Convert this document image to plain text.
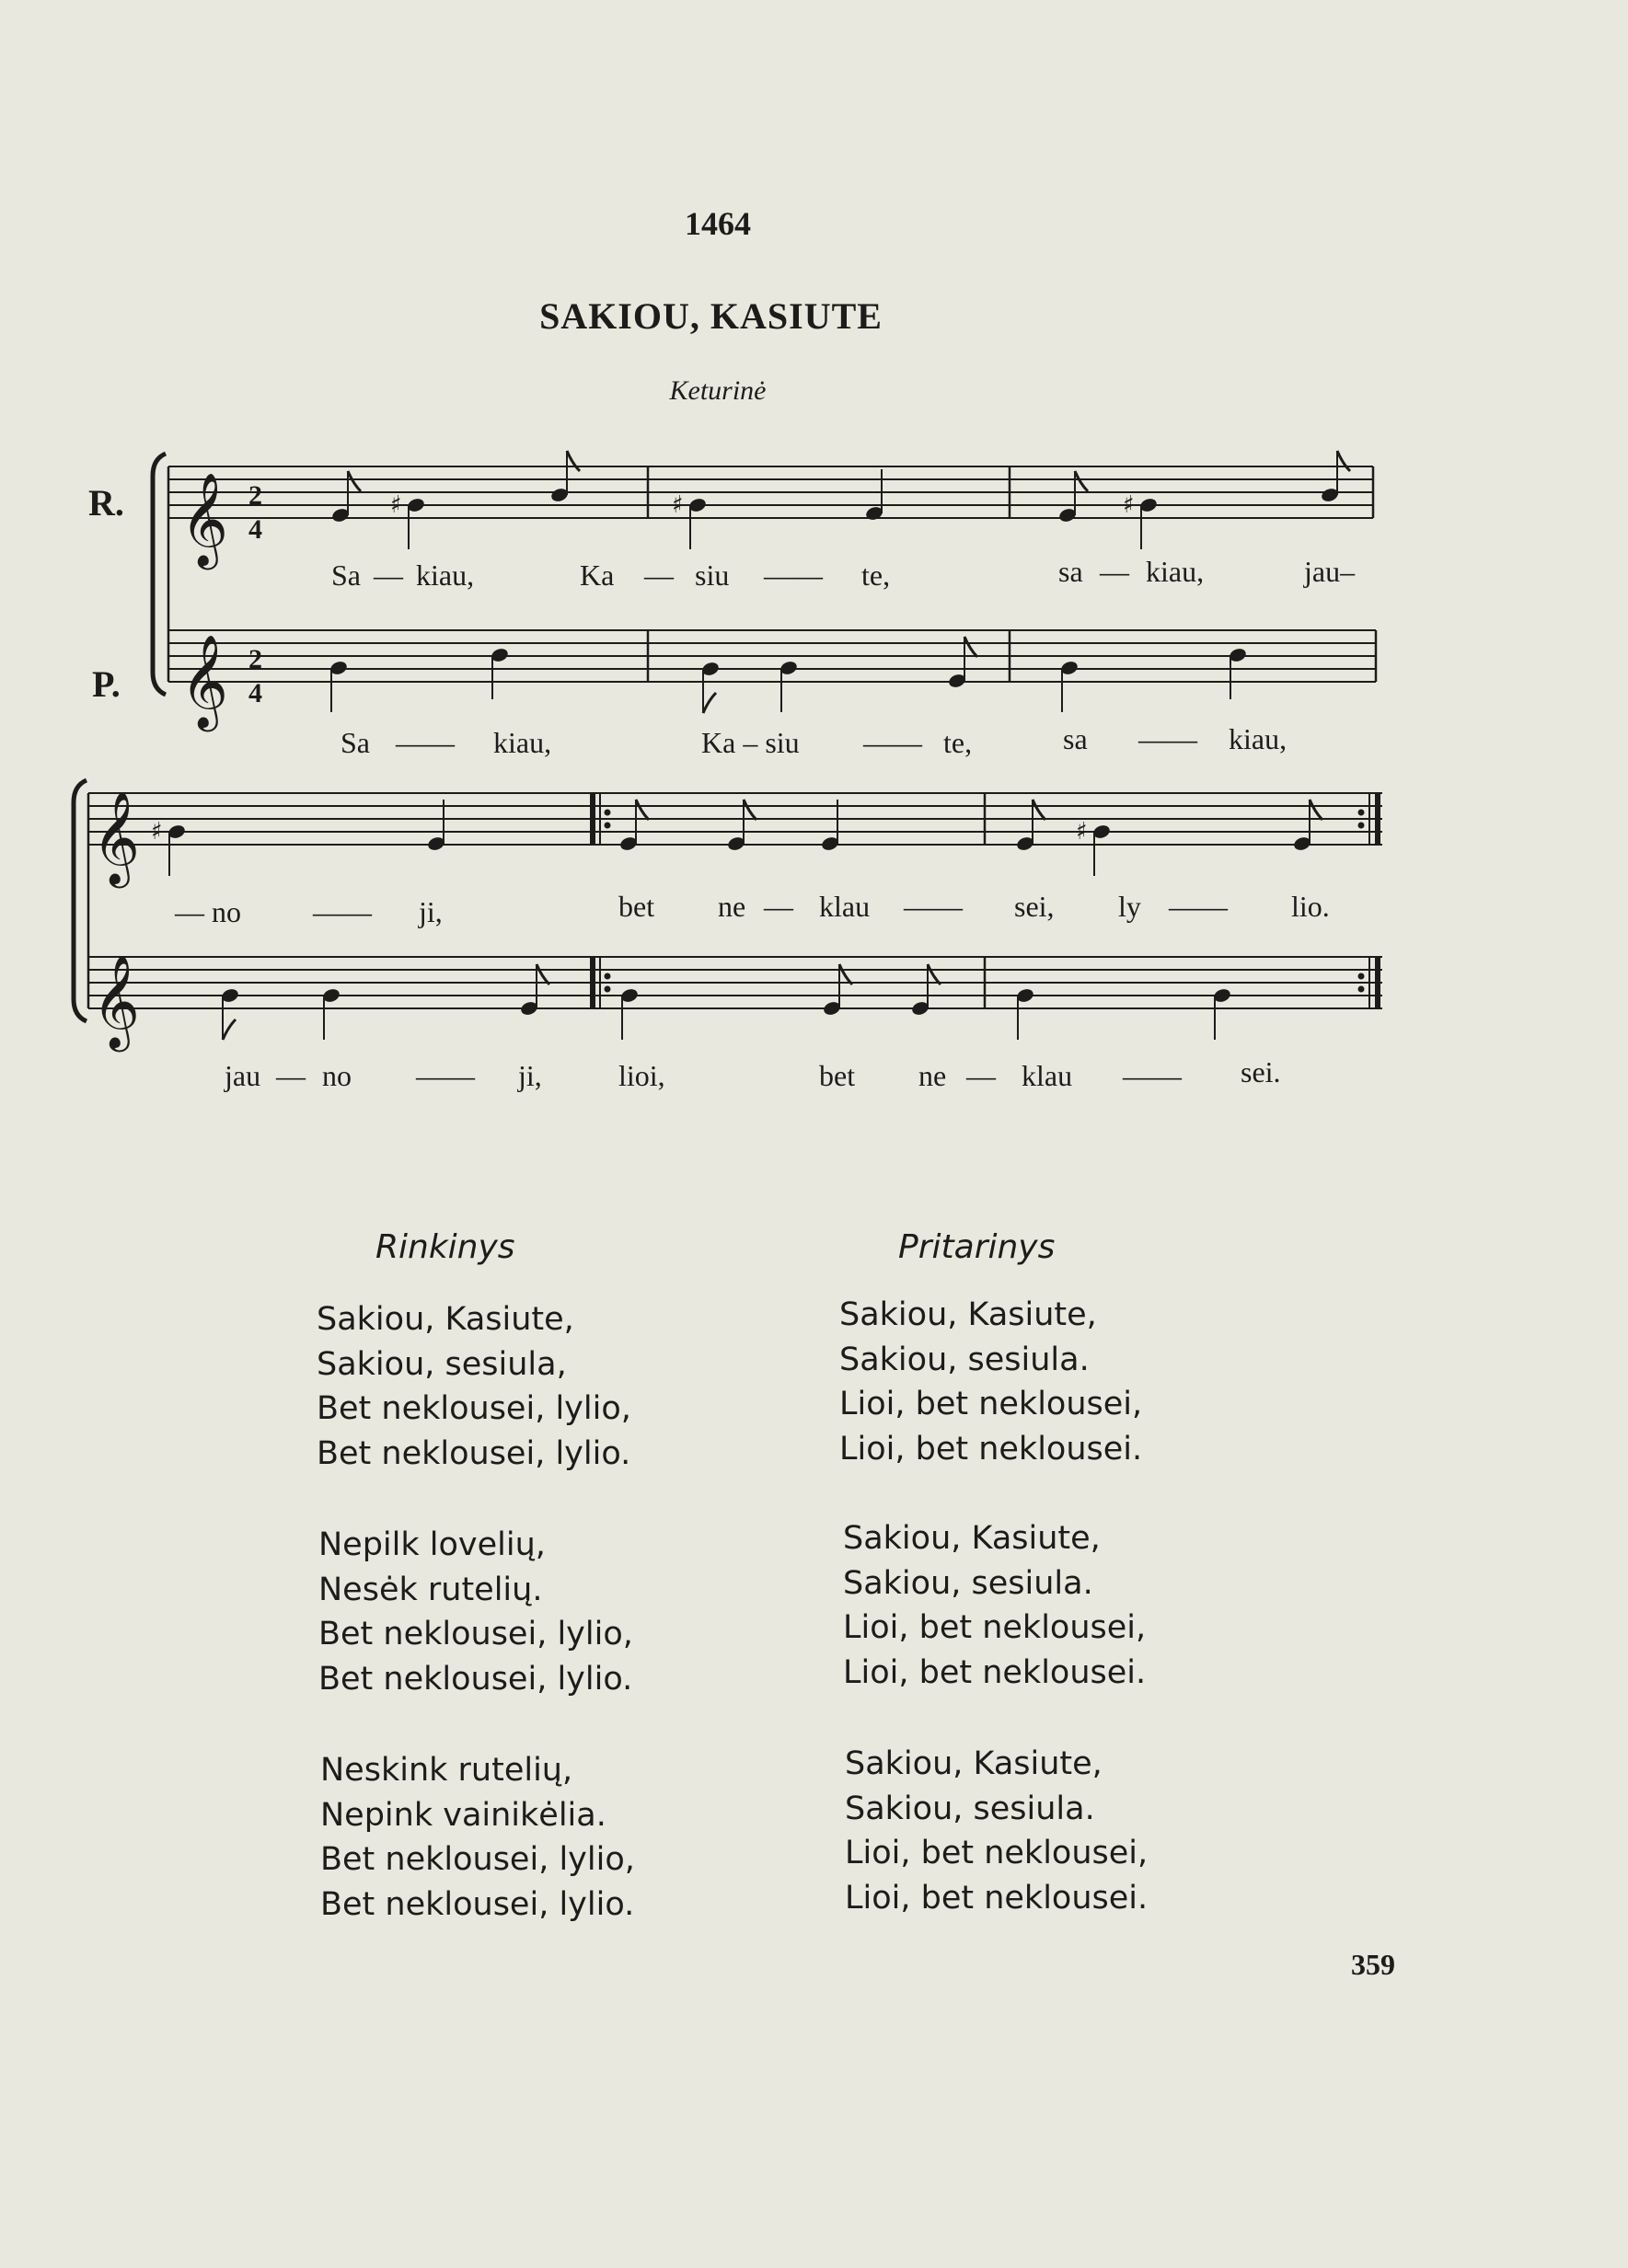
1464
SAKIOU, KASIUTE
Keturinė
♯	♯	♯
♯	♯
R.
P.
𝄞
𝄞
𝄞
𝄞
2
4
2
4
Sa — kiau,	Ka — siu —— te,	sa — kiau,	jau–
Sa —— kiau,	Ka – siu —— te,	sa —— kiau,
— no —— ji,	bet ne — klau —— sei, ly —— lio.
jau — no —— ji,	lioi,	bet ne — klau —— sei.
Rinkinys	Pritarinys
Sakiou, Kasiute,
Sakiou, sesiula,
Bet neklousei, lylio,
Bet neklousei, lylio.
Nepilk lovelių,
Nesėk rutelių.
Bet neklousei, lylio,
Bet neklousei, lylio.
Neskink rutelių,
Nepink vainikėlia.
Bet neklousei, lylio,
Bet neklousei, lylio.
Sakiou, Kasiute,
Sakiou, sesiula.
Lioi, bet neklousei,
Lioi, bet neklousei.
Sakiou, Kasiute,
Sakiou, sesiula.
Lioi, bet neklousei,
Lioi, bet neklousei.
Sakiou, Kasiute,
Sakiou, sesiula.
Lioi, bet neklousei,
Lioi, bet neklousei.
359
